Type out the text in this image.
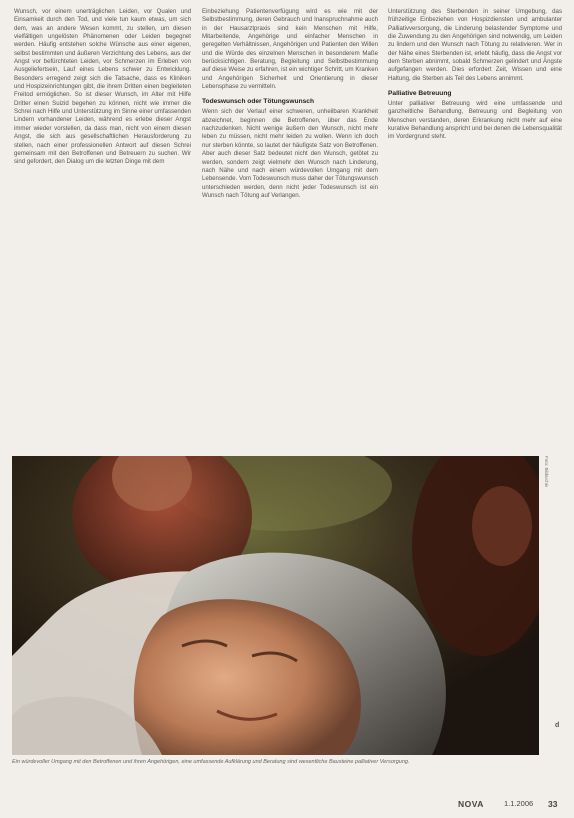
Wunsch, vor einem unerträglichen Leiden, vor Qualen und Einsamkeit durch den Tod, und viele tun kaum etwas, um sich dem, was an andere Wesen kommt, zu stellen, um diesen vielfältigen ungelösten Phänomenen oder Leiden begegnet werden. Häufig entstehen solche Wünsche aus einer eigenen, selbst bestimmten und äußeren Verzichtung des Lebens, aus der Angst vor befürchteten Leiden, vor Schmerzen im Erleben von Ausgeliefertsein, Lauf eines Lebens schwer zu Entwicklung. Besonders erregend zeigt sich die Tatsache, dass es Kliniken und Hospizeinrichtungen gibt, die ihrem Dritten einen begleiteten Freitod ermöglichen. So ist dieser Wunsch, im Alter mit Hilfe Dritter einen Suizid begehen zu können, nicht wie immer die Schrei nach Hilfe und Unterstützung im Sinne einer umfassenden Lindern vorhandener Leiden, während es erlebe dieser Angst immer wieder vorstellen, da dass man, nicht von einem diesen Angst, die sich aus gesellschaftlichen Herausforderung zu stellen, nach einer professionellen Antwort auf diesen Schrei gemeinsam mit den Betroffenen und Betreuern zu suchen. Wir sind gefordert, den Dialog um die letzten Dinge mit dem

Einbeziehung Patientenverfügung wird es wie mit der Selbstbestimmung, deren Gebrauch und Inanspruchnahme auch in der Hausarztpraxis sind kein Menschen mit Hilfe, Mitarbeitende, Angehörige und einfacher Menschen in geregelten Verhältnissen, Angehörigen und Patienten den Willen und die Würde des einzelnen Menschen in besonderem Maße berücksichtigen. Beratung, Begleitung und Selbstbestimmung auf diese Weise zu erfahren, ist ein wichtiger Schritt, um Kranken und Angehörigen Sicherheit und Orientierung in dieser Lebensphase zu vermitteln.

Todeswunsch oder Tötungswunsch

Wenn sich der Verlauf einer schweren, unheilbaren Krankheit abzeichnet, beginnen die Betroffenen, über das Ende nachzudenken. Nicht wenige äußern den Wunsch, nicht mehr leben zu müssen, nicht mehr leiden zu wollen. Wenn ich doch nur sterben könnte, so lautet der häufigste Satz von Betroffenen. Aber auch dieser Satz bedeutet nicht den Wunsch, getötet zu werden, sondern zeigt vielmehr den Wunsch nach Linderung, nach Nähe und nach einem würdevollen Umgang mit dem Lebensende. Vom Todeswunsch muss daher der Tötungswunsch unterschieden werden, denn nicht jeder Todeswunsch ist ein Wunsch nach Tötung auf Verlangen.

Unterstützung des Sterbenden in seiner Umgebung, das frühzeitige Einbeziehen von Hospizdiensten und ambulanter Palliativversorgung, die Linderung belastender Symptome und die Zuwendung zu den Angehörigen sind notwendig, um Leiden zu lindern und den Wunsch nach Tötung zu relativieren. Wer in der Nähe eines Sterbenden ist, erlebt häufig, dass die Angst vor dem Sterben abnimmt, sobald Schmerzen gelindert und Ängste aufgefangen werden. Dies erfordert Zeit, Wissen und eine Haltung, die Sterben als Teil des Lebens annimmt.

Palliative Betreuung

Unter palliativer Betreuung wird eine umfassende und ganzheitliche Behandlung, Betreuung und Begleitung von Menschen verstanden, deren Erkrankung nicht mehr auf eine kurative Behandlung anspricht und bei denen die Lebensqualität im Vordergrund steht.

Foto: Bildarchiv
Ein würdevoller Umgang mit den Betroffenen und ihren Angehörigen, eine umfassende Aufklärung und Beratung sind wesentliche Bausteine palliativer Versorgung.
d
NOVA	1.1.2006 33
